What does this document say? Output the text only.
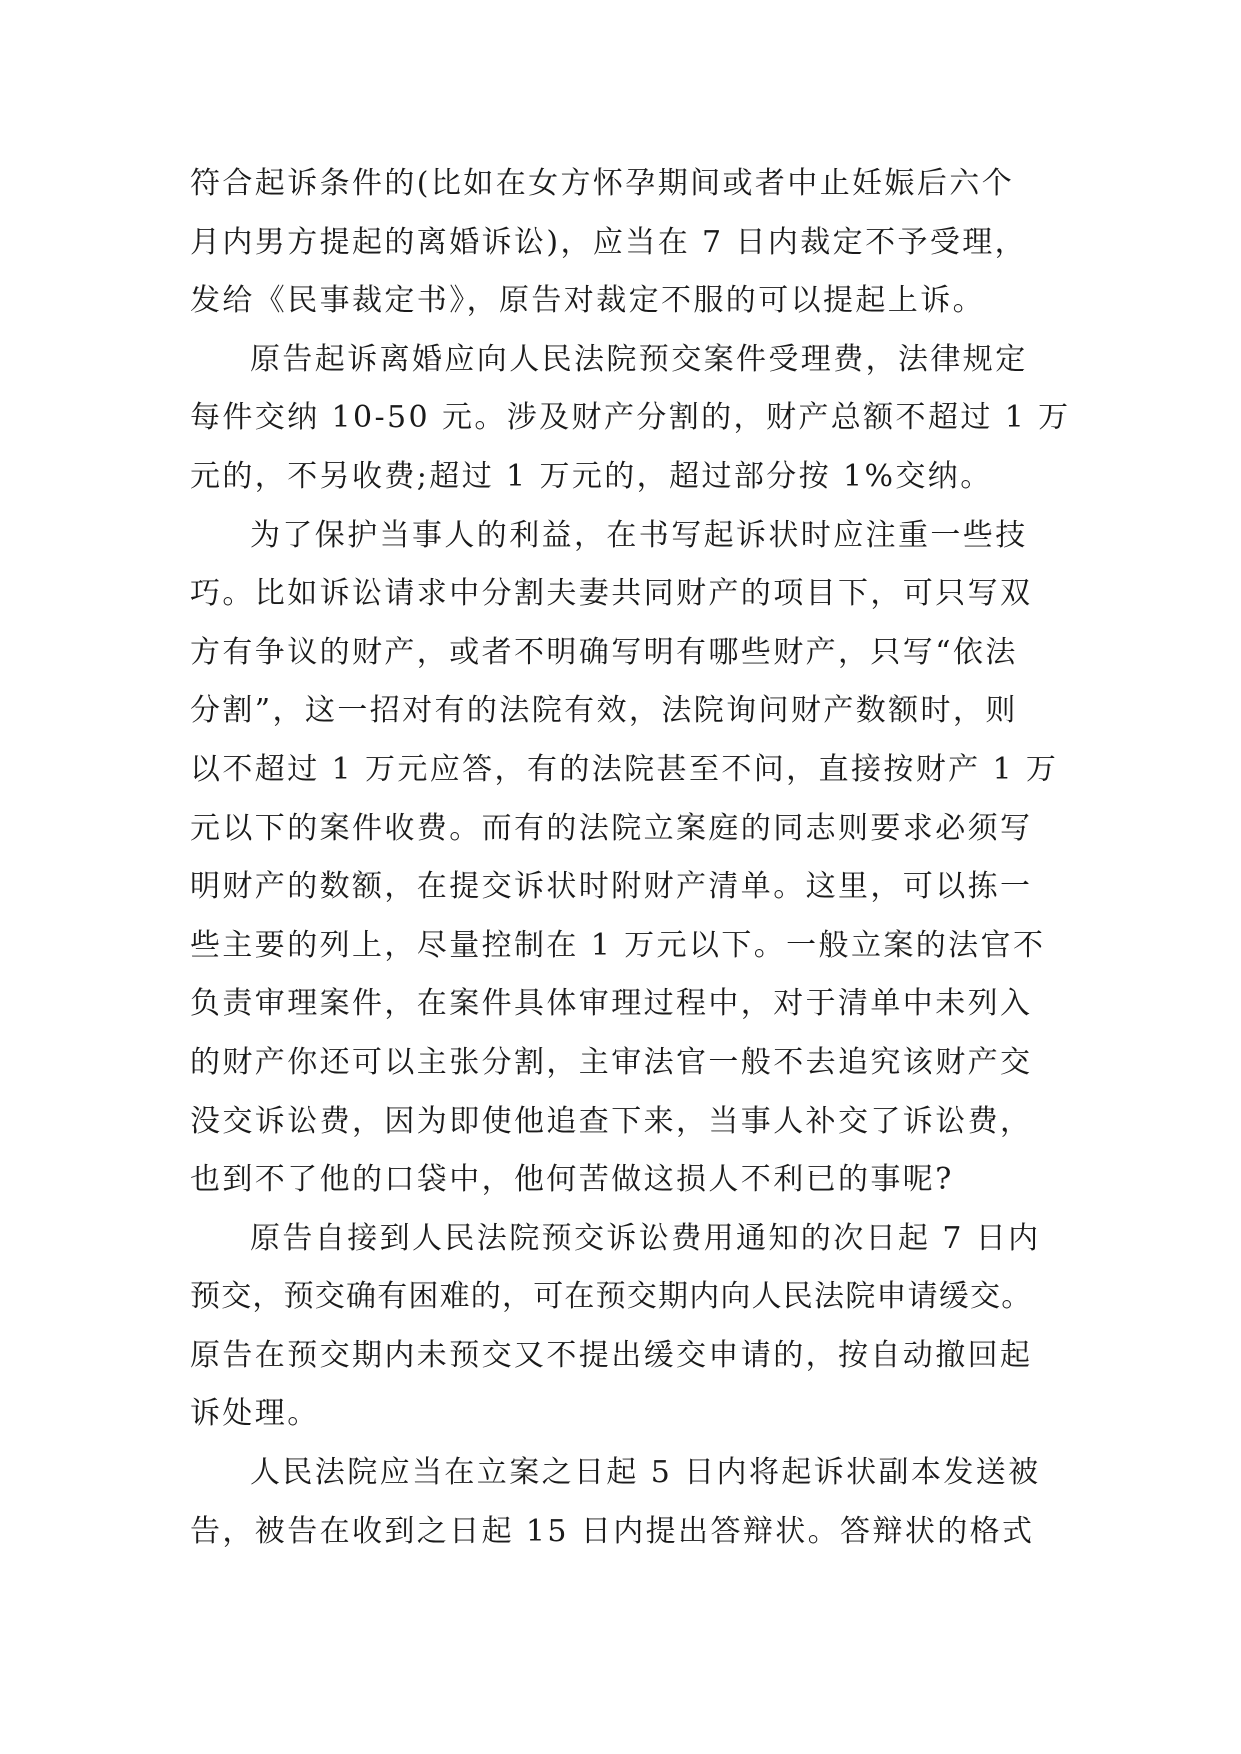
符合起诉条件的(比如在女方怀孕期间或者中止妊娠后六个
月内男方提起的离婚诉讼)，应当在 7 日内裁定不予受理，
发给《民事裁定书》，原告对裁定不服的可以提起上诉。
原告起诉离婚应向人民法院预交案件受理费，法律规定
每件交纳 10-50 元。涉及财产分割的，财产总额不超过 1 万
元的，不另收费;超过 1 万元的，超过部分按 1%交纳。
为了保护当事人的利益，在书写起诉状时应注重一些技
巧。比如诉讼请求中分割夫妻共同财产的项目下，可只写双
方有争议的财产，或者不明确写明有哪些财产，只写“依法
分割”，这一招对有的法院有效，法院询问财产数额时，则
以不超过 1 万元应答，有的法院甚至不问，直接按财产 1 万
元以下的案件收费。而有的法院立案庭的同志则要求必须写
明财产的数额，在提交诉状时附财产清单。这里，可以拣一
些主要的列上，尽量控制在 1 万元以下。一般立案的法官不
负责审理案件，在案件具体审理过程中，对于清单中未列入
的财产你还可以主张分割，主审法官一般不去追究该财产交
没交诉讼费，因为即使他追查下来，当事人补交了诉讼费，
也到不了他的口袋中，他何苦做这损人不利已的事呢?
原告自接到人民法院预交诉讼费用通知的次日起 7 日内
预交，预交确有困难的，可在预交期内向人民法院申请缓交。
原告在预交期内未预交又不提出缓交申请的，按自动撤回起
诉处理。
人民法院应当在立案之日起 5 日内将起诉状副本发送被
告，被告在收到之日起 15 日内提出答辩状。答辩状的格式
